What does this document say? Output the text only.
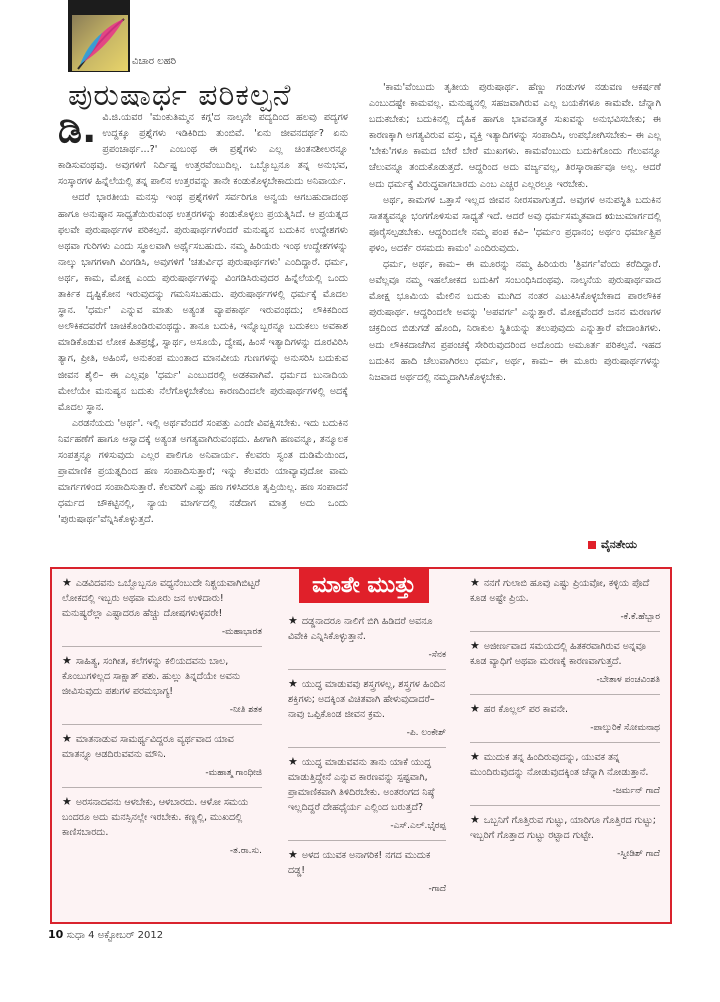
ವಿಚಾರ ಲಹರಿ
ಪುರುಷಾರ್ಥ ಪರಿಕಲ್ಪನೆ

ಡಿ. ವಿ.ಜಿ.ಯವರ 'ಮಂಕುತಿಮ್ಮನ ಕಗ್ಗ'ದ ನಾಲ್ಕನೇ ಪದ್ಯದಿಂದ ಹಲವು ಪದ್ಯಗಳ ಉದ್ದಕ್ಕೂ ಪ್ರಶ್ನೆಗಳು ಇಡಿಕಿರಿದು ತುಂಬಿವೆ. 'ಏನು ಜೀವನದರ್ಥ? ಏನು ಪ್ರಪಂಚಾರ್ಥ...?' ಎಂಬಂಥ ಈ ಪ್ರಶ್ನೆಗಳು ಎಲ್ಲ ಚಿಂತನಶೀಲರನ್ನೂ ಕಾಡಿಸುವಂಥವು. ಅವುಗಳಿಗೆ ನಿರ್ದಿಷ್ಟ ಉತ್ತರವೆಂಬುದಿಲ್ಲ. ಒಬ್ಬೊಬ್ಬನೂ ತನ್ನ ಅನುಭವ, ಸಂಸ್ಕಾರಗಳ ಹಿನ್ನೆಲೆಯಲ್ಲಿ ತನ್ನ ಪಾಲಿನ ಉತ್ತರವನ್ನು ತಾನೇ ಕಂಡುಕೊಳ್ಳಬೇಕಾದುದು ಅನಿವಾರ್ಯ.

ಆದರೆ ಭಾರತೀಯ ಮನಸ್ಸು ಇಂಥ ಪ್ರಶ್ನೆಗಳಿಗೆ ಸರ್ವರಿಗೂ ಅನ್ವಯ ಆಗಬಹುದಾದಂಥ ಹಾಗೂ ಅನುಷ್ಠಾನ ಸಾಧ್ಯತೆಯಿರುವಂಥ ಉತ್ತರಗಳನ್ನು ಕಂಡುಕೊಳ್ಳಲು ಪ್ರಯತ್ನಿಸಿದೆ. ಆ ಪ್ರಯತ್ನದ ಫಲವೇ ಪುರುಷಾರ್ಥಗಳ ಪರಿಕಲ್ಪನೆ. ಪುರುಷಾರ್ಥಗಳೆಂದರೆ ಮನುಷ್ಯನ ಬದುಕಿನ ಉದ್ದೇಶಗಳು ಅಥವಾ ಗುರಿಗಳು ಎಂದು ಸ್ಥೂಲವಾಗಿ ಅರ್ಥೈಸಬಹುದು. ನಮ್ಮ ಹಿರಿಯರು ಇಂಥ ಉದ್ದೇಶಗಳನ್ನು ನಾಲ್ಕು ಭಾಗಗಳಾಗಿ ವಿಂಗಡಿಸಿ, ಅವುಗಳಿಗೆ 'ಚತುರ್ವಿಧ ಪುರುಷಾರ್ಥಗಳು' ಎಂದಿದ್ದಾರೆ. ಧರ್ಮ, ಅರ್ಥ, ಕಾಮ, ಮೋಕ್ಷ ಎಂದು ಪುರುಷಾರ್ಥಗಳನ್ನು ವಿಂಗಡಿಸಿರುವುದರ ಹಿನ್ನೆಲೆಯಲ್ಲಿ ಒಂದು ತಾರ್ಕಿಕ ದೃಷ್ಟಿಕೋನ ಇರುವುದನ್ನು ಗಮನಿಸಬಹುದು. ಪುರುಷಾರ್ಥಗಳಲ್ಲಿ ಧರ್ಮಕ್ಕೆ ಮೊದಲ ಸ್ಥಾನ. 'ಧರ್ಮ' ಎನ್ನುವ ಮಾತು ಅತ್ಯಂತ ವ್ಯಾಪಕಾರ್ಥ ಇರುವಂಥದು; ಲೌಕಿಕದಿಂದ ಅಲೌಕಿಕದವರೆಗೆ ಚಾಚಿಕೊಂಡಿರುವಂಥದ್ದು. ತಾನೂ ಬದುಕಿ, ಇನ್ನೊಬ್ಬರನ್ನೂ ಬದುಕಲು ಅವಕಾಶ ಮಾಡಿಕೊಡುವ ಲೋಕ ಹಿತಪ್ರಜ್ಞೆ, ಸ್ವಾರ್ಥ, ಅಸೂಯೆ, ದ್ವೇಷ, ಹಿಂಸೆ ಇತ್ಯಾದಿಗಳನ್ನು ದೂರವಿರಿಸಿ ತ್ಯಾಗ, ಪ್ರೀತಿ, ಅಹಿಂಸೆ, ಅನುಕಂಪ ಮುಂತಾದ ಮಾನವೀಯ ಗುಣಗಳನ್ನು ಅನುಸರಿಸಿ ಬದುಕುವ ಜೀವನ ಶೈಲಿ– ಈ ಎಲ್ಲವೂ 'ಧರ್ಮ' ಎಂಬುದರಲ್ಲಿ ಅಡಕವಾಗಿವೆ. ಧರ್ಮದ ಬುನಾದಿಯ ಮೇಲೆಯೇ ಮನುಷ್ಯನ ಬದುಕು ನೆಲೆಗೊಳ್ಳಬೇಕೆಂಬ ಕಾರಣದಿಂದಲೇ ಪುರುಷಾರ್ಥಗಳಲ್ಲಿ ಅದಕ್ಕೆ ಮೊದಲ ಸ್ಥಾನ.

ಎರಡನೆಯದು 'ಅರ್ಥ'. ಇಲ್ಲಿ ಅರ್ಥವೆಂದರೆ ಸಂಪತ್ತು ಎಂದೇ ವಿವಕ್ಷಿಸಬೇಕು. ಇದು ಬದುಕಿನ ನಿರ್ವಹಣೆಗೆ ಹಾಗೂ ಆಸ್ವಾದಕ್ಕೆ ಅತ್ಯಂತ ಅಗತ್ಯವಾಗಿರುವಂಥದು. ಹೀಗಾಗಿ ಹಣವನ್ನೂ, ತನ್ಮೂಲಕ ಸಂಪತ್ತನ್ನೂ ಗಳಿಸುವುದು ಎಲ್ಲರ ಪಾಲಿಗೂ ಅನಿವಾರ್ಯ. ಕೆಲವರು ಸ್ವಂತ ದುಡಿಮೆಯಿಂದ, ಪ್ರಾಮಾಣಿಕ ಪ್ರಯತ್ನದಿಂದ ಹಣ ಸಂಪಾದಿಸುತ್ತಾರೆ; ಇನ್ನು ಕೆಲವರು ಯಾವ್ಯಾವುದೋ ವಾಮ ಮಾರ್ಗಗಳಿಂದ ಸಂಪಾದಿಸುತ್ತಾರೆ. ಕೆಲವರಿಗೆ ಎಷ್ಟು ಹಣ ಗಳಿಸಿದರೂ ತೃಪ್ತಿಯಿಲ್ಲ. ಹಣ ಸಂಪಾದನೆ ಧರ್ಮದ ಚೌಕಟ್ಟಿನಲ್ಲಿ, ನ್ಯಾಯ ಮಾರ್ಗದಲ್ಲಿ ನಡೆದಾಗ ಮಾತ್ರ ಅದು ಒಂದು 'ಪುರುಷಾರ್ಥ'ವೆನ್ನಿಸಿಕೊಳ್ಳುತ್ತದೆ.

'ಕಾಮ'ವೆಂಬುದು ತೃತೀಯ ಪುರುಷಾರ್ಥ. ಹೆಣ್ಣು ಗಂಡುಗಳ ನಡುವಣ ಆಕರ್ಷಣೆ ಎಂಬುದಷ್ಟೇ ಕಾಮವಲ್ಲ. ಮನುಷ್ಯನಲ್ಲಿ ಸಹಜವಾಗಿರುವ ಎಲ್ಲ ಬಯಕೆಗಳೂ ಕಾಮವೇ. ಚೆನ್ನಾಗಿ ಬದುಕಬೇಕು; ಬದುಕಿನಲ್ಲಿ ದೈಹಿಕ ಹಾಗೂ ಭಾವನಾತ್ಮಕ ಸುಖವನ್ನು ಅನುಭವಿಸಬೇಕು; ಈ ಕಾರಣಕ್ಕಾಗಿ ಅಗತ್ಯವಿರುವ ವಸ್ತು, ವ್ಯಕ್ತಿ ಇತ್ಯಾದಿಗಳನ್ನು ಸಂಪಾದಿಸಿ, ಉಪಭೋಗಿಸಬೇಕು– ಈ ಎಲ್ಲ 'ಬೇಕು'ಗಳೂ ಕಾಮದ ಬೇರೆ ಬೇರೆ ಮುಖಗಳು. ಕಾಮವೆಂಬುದು ಬದುಕಿಗೊಂದು ಗೆಲುವನ್ನೂ ಚೆಲುವನ್ನೂ ತಂದುಕೊಡುತ್ತದೆ. ಆದ್ದರಿಂದ ಅದು ವರ್ಜ್ಯವಲ್ಲ, ತಿರಸ್ಕಾರಾರ್ಹವೂ ಅಲ್ಲ. ಆದರೆ ಅದು ಧರ್ಮಕ್ಕೆ ವಿರುದ್ಧವಾಗಬಾರದು ಎಂಬ ಎಚ್ಚರ ಎಲ್ಲರಲ್ಲೂ ಇರಬೇಕು.

ಅರ್ಥ, ಕಾಮಗಳ ಒತ್ತಾಸೆ ಇಲ್ಲದ ಜೀವನ ನೀರಸವಾಗುತ್ತದೆ. ಅವುಗಳ ಅನುಪಸ್ಥಿತಿ ಬದುಕಿನ ಸಾತತ್ಯವನ್ನೂ ಭಂಗಗೊಳಿಸುವ ಸಾಧ್ಯತೆ ಇದೆ. ಆದರೆ ಅವು ಧರ್ಮಸಮ್ಮತವಾದ ಋಜುಮಾರ್ಗದಲ್ಲಿ ಪೂರೈಸಲ್ಪಡಬೇಕು. ಆದ್ದರಿಂದಲೇ ನಮ್ಮ ಪಂಪ ಕವಿ– 'ಧರ್ಮಂ ಪ್ರಧಾನಂ; ಅರ್ಥಂ ಧರ್ಮಾತ್ಪ್ರಿಪ ಫಳಂ, ಅದರ್ಕೆ ರಸಮದು ಕಾಮಂ' ಎಂದಿರುವುದು.

ಧರ್ಮ, ಅರ್ಥ, ಕಾಮ– ಈ ಮೂರನ್ನು ನಮ್ಮ ಹಿರಿಯರು 'ತ್ರಿವರ್ಗ'ವೆಂದು ಕರೆದಿದ್ದಾರೆ. ಅವೆಲ್ಲವೂ ನಮ್ಮ ಇಹಲೋಕದ ಬದುಕಿಗೆ ಸಂಬಂಧಿಸಿದಂಥವು. ನಾಲ್ಕನೆಯ ಪುರುಷಾರ್ಥವಾದ ಮೋಕ್ಷ ಭೂಮಿಯ ಮೇಲಿನ ಬದುಕು ಮುಗಿದ ನಂತರ ಎಟುಕಿಸಿಕೊಳ್ಳಬೇಕಾದ ಪಾರಲೌಕಿಕ ಪುರುಷಾರ್ಥ. ಆದ್ದರಿಂದಲೇ ಅವನ್ನು 'ಅಪವರ್ಗ' ಎನ್ನುತ್ತಾರೆ. ಮೋಕ್ಷವೆಂದರೆ ಜನನ ಮರಣಗಳ ಚಕ್ರದಿಂದ ಬಿಡುಗಡೆ ಹೊಂದಿ, ನಿರಾಕುಲ ಸ್ಥಿತಿಯನ್ನು ತಲುಪುವುದು ಎನ್ನುತ್ತಾರೆ ವೇದಾಂತಿಗಳು. ಅದು ಲೌಕಿಕದಾಚೆಗಿನ ಪ್ರಪಂಚಕ್ಕೆ ಸೇರಿರುವುದರಿಂದ ಅದೊಂದು ಅಮೂರ್ತ ಪರಿಕಲ್ಪನೆ. ಇಹದ ಬದುಕಿನ ಹಾದಿ ಚೆಲುವಾಗಿರಲು ಧರ್ಮ, ಅರ್ಥ, ಕಾಮ– ಈ ಮೂರು ಪುರುಷಾರ್ಥಗಳನ್ನು ನಿಜವಾದ ಅರ್ಥದಲ್ಲಿ ನಮ್ಮದಾಗಿಸಿಕೊಳ್ಳಬೇಕು.

ವೈನತೇಯ
ಮಾತೇ ಮುತ್ತು
★ ಎಡವಿದವನು ಒಬ್ಬೊಬ್ಬನೂ ವಧ್ಯನೆಂಬುದೇ ನಿಶ್ಚಯವಾಗಿಬಿಟ್ಟರೆ ಲೋಕದಲ್ಲಿ ಇಬ್ಬರು ಅಥವಾ ಮೂರು ಜನ ಉಳಿದಾರು! ಮನುಷ್ಯರೆಲ್ಲಾ ಎಷ್ಟಾದರೂ ಹೆಚ್ಚು ದೋಷಗಳುಳ್ಳವರೇ!
-ಮಹಾಭಾರತ
★ ಸಾಹಿತ್ಯ, ಸಂಗೀತ, ಕಲೆಗಳನ್ನು ಕಲಿಯದವನು ಬಾಲ, ಕೊಂಬುಗಳಿಲ್ಲದ ಸಾಕ್ಷಾತ್ ಪಶು. ಹುಲ್ಲು ತಿನ್ನದೆಯೇ ಅವನು ಜೀವಿಸುವುದು ಪಶುಗಳ ಪರಮಭಾಗ್ಯ!
-ನೀತಿ ಶತಕ
★ ಮಾತನಾಡುವ ಸಾಮರ್ಥ್ಯವಿದ್ದರೂ ವ್ಯರ್ಥವಾದ ಯಾವ ಮಾತನ್ನೂ ಆಡದಿರುವವನು ಮೌನಿ.
-ಮಹಾತ್ಮ ಗಾಂಧೀಜಿ
★ ಅರಸನಾದವನು ಆಳಬೇಕು, ಆಳಬಾರದು. ಆಳೋ ಸಮಯ ಬಂದರೂ ಅದು ಮನಸ್ಸಿನಲ್ಲೇ ಇರಬೇಕು. ಕಣ್ಣಲ್ಲಿ, ಮುಖದಲ್ಲಿ ಕಾಣಿಸಬಾರದು.
-ತ.ರಾ.ಸು.
★ ದಡ್ಡನಾದರೂ ನಾಲಿಗೆ ಬಿಗಿ ಹಿಡಿದರೆ ಅವನೂ ವಿವೇಕಿ ಎನ್ನಿಸಿಕೊಳ್ಳುತ್ತಾನೆ.
-ಸೆನಕ
★ ಯುದ್ಧ ಮಾಡುವವು ಶಸ್ತ್ರಗಳಲ್ಲ, ಶಸ್ತ್ರಗಳ ಹಿಂದಿನ ಶಕ್ತಿಗಳು; ಅದಕ್ಕಿಂತ ವಿಚಿತವಾಗಿ ಹೇಳುವುದಾದರೆ– ನಾವು ಒಪ್ಪಿಕೊಂಡ ಜೀವನ ಕ್ರಮ.
-ಪಿ. ಲಂಕೇಶ್
★ ಯುದ್ಧ ಮಾಡುವವನು ತಾನು ಯಾಕೆ ಯುದ್ಧ ಮಾಡುತ್ತಿದ್ದೇನೆ ಎನ್ನುವ ಕಾರಣವನ್ನು ಸ್ಪಷ್ಟವಾಗಿ, ಪ್ರಾಮಾಣಿಕವಾಗಿ ತಿಳಿದಿರಬೇಕು. ಅಂತರಂಗದ ನಿಷ್ಠೆ ಇಲ್ಲದಿದ್ದರೆ ದೇಹಧೈರ್ಯ ಎಲ್ಲಿಂದ ಬರುತ್ತದೆ?
-ಎಸ್.ಎಲ್.ಭೈರಪ್ಪ
★ ಅಳದ ಯುವಕ ಅನಾಗರಿಕ! ನಗದ ಮುದುಕ ದಡ್ಡ!
-ಗಾದೆ
★ ನನಗೆ ಗುಲಾಬಿ ಹೂವು ಎಷ್ಟು ಪ್ರಿಯವೋ, ಕಳ್ಳಿಯ ಪೊದೆ ಕೂಡ ಅಷ್ಟೇ ಪ್ರಿಯ.
-ಕೆ.ಕೆ.ಹೆಬ್ಬಾರ
★ ಅಜೀರ್ಣವಾದ ಸಮಯದಲ್ಲಿ ಹಿತಕರವಾಗಿರುವ ಅನ್ನವೂ ಕೂಡ ವ್ಯಾಧಿಗೆ ಅಥವಾ ಮರಣಕ್ಕೆ ಕಾರಣವಾಗುತ್ತದೆ.
-ಬೇತಾಳ ಪಂಚವಿಂಶತಿ
★ ಹರ ಕೊಲ್ಲಲ್ ಪರ ಕಾವನೇ.
-ಪಾಲ್ಕುರಿಕೆ ಸೋಮನಾಥ
★ ಮುದುಕ ತನ್ನ ಹಿಂದಿರುವುದನ್ನು, ಯುವಕ ತನ್ನ ಮುಂದಿರುವುದನ್ನು ನೋಡುವುದಕ್ಕಿಂತ ಚೆನ್ನಾಗಿ ನೋಡುತ್ತಾನೆ.
-ಜರ್ಮನ್ ಗಾದೆ
★ ಒಬ್ಬನಿಗೆ ಗೊತ್ತಿರುವ ಗುಟ್ಟು, ಯಾರಿಗೂ ಗೊತ್ತಿರದ ಗುಟ್ಟು; ಇಬ್ಬರಿಗೆ ಗೊತ್ತಾದ ಗುಟ್ಟು ರಟ್ಟಾದ ಗುಟ್ಟೇ.
-ಸ್ವೀಡಿಶ್ ಗಾದೆ
10 ಸುಧಾ 4 ಅಕ್ಟೋಬರ್ 2012
